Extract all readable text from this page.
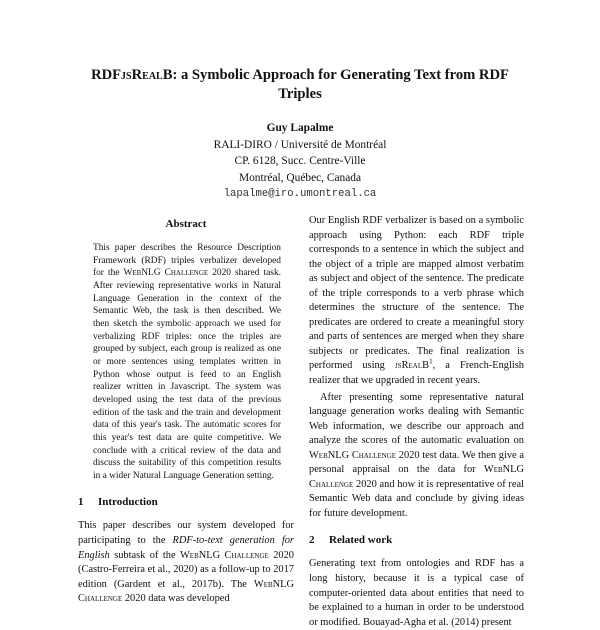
RDFjsRealB: a Symbolic Approach for Generating Text from RDF Triples
Guy Lapalme
RALI-DIRO / Université de Montréal
CP. 6128, Succ. Centre-Ville
Montréal, Québec, Canada
lapalme@iro.umontreal.ca
Abstract

This paper describes the Resource Description Framework (RDF) triples verbalizer developed for the WebNLG Challenge 2020 shared task. After reviewing representative works in Natural Language Generation in the context of the Semantic Web, the task is then described. We then sketch the symbolic approach we used for verbalizing RDF triples: once the triples are grouped by subject, each group is realized as one or more sentences using templates written in Python whose output is feed to an English realizer written in Javascript. The system was developed using the test data of the previous edition of the task and the train and development data of this year's task. The automatic scores for this year's test data are quite competitive. We conclude with a critical review of the data and discuss the suitability of this competition results in a wider Natural Language Generation setting.

1 Introduction

This paper describes our system developed for participating to the RDF-to-text generation for English subtask of the WebNLG Challenge 2020 (Castro-Ferreira et al., 2020) as a follow-up to 2017 edition (Gardent et al., 2017b). The WebNLG Challenge 2020 data was developed

Our English RDF verbalizer is based on a symbolic approach using Python: each RDF triple corresponds to a sentence in which the subject and the object of a triple are mapped almost verbatim as subject and object of the sentence. The predicate of the triple corresponds to a verb phrase which determines the structure of the sentence. The predicates are ordered to create a meaningful story and parts of sentences are merged when they share subjects or predicates. The final realization is performed using jsRealB$^1$, a French-English realizer that we upgraded in recent years.

After presenting some representative natural language generation works dealing with Semantic Web information, we describe our approach and analyze the scores of the automatic evaluation on WebNLG Challenge 2020 test data. We then give a personal appraisal on the data for WebNLG Challenge 2020 and how it is representative of real Semantic Web data and conclude by giving ideas for future development.

2 Related work

Generating text from ontologies and RDF has a long history, because it is a typical case of computer-oriented data about entities that need to be explained to a human in order to be understood or modified. Bouayad-Agha et al. (2014) present
